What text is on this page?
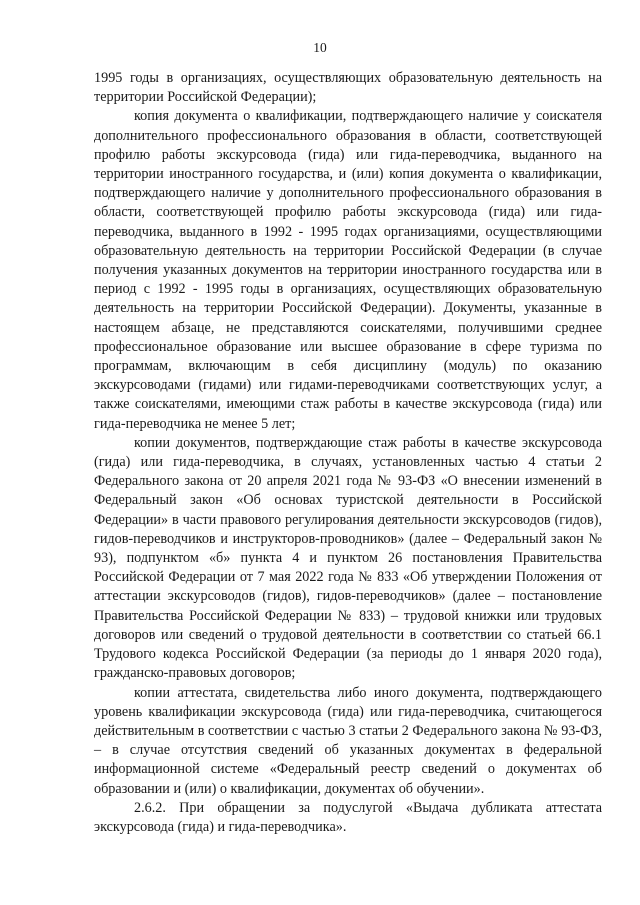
10

1995 годы в организациях, осуществляющих образовательную деятельность на территории Российской Федерации);

копия документа о квалификации, подтверждающего наличие у соискателя дополнительного профессионального образования в области, соответствующей профилю работы экскурсовода (гида) или гида-переводчика, выданного на территории иностранного государства, и (или) копия документа о квалификации, подтверждающего наличие у дополнительного профессионального образования в области, соответствующей профилю работы экскурсовода (гида) или гида-переводчика, выданного в 1992 - 1995 годах организациями, осуществляющими образовательную деятельность на территории Российской Федерации (в случае получения указанных документов на территории иностранного государства или в период с 1992 - 1995 годы в организациях, осуществляющих образовательную деятельность на территории Российской Федерации). Документы, указанные в настоящем абзаце, не представляются соискателями, получившими среднее профессиональное образование или высшее образование в сфере туризма по программам, включающим в себя дисциплину (модуль) по оказанию экскурсоводами (гидами) или гидами-переводчиками соответствующих услуг, а также соискателями, имеющими стаж работы в качестве экскурсовода (гида) или гида-переводчика не менее 5 лет;

копии документов, подтверждающие стаж работы в качестве экскурсовода (гида) или гида-переводчика, в случаях, установленных частью 4 статьи 2 Федерального закона от 20 апреля 2021 года № 93-ФЗ «О внесении изменений в Федеральный закон «Об основах туристской деятельности в Российской Федерации» в части правового регулирования деятельности экскурсоводов (гидов), гидов-переводчиков и инструкторов-проводников» (далее – Федеральный закон № 93), подпунктом «б» пункта 4 и пунктом 26 постановления Правительства Российской Федерации от 7 мая 2022 года № 833 «Об утверждении Положения от аттестации экскурсоводов (гидов), гидов-переводчиков» (далее – постановление Правительства Российской Федерации № 833) – трудовой книжки или трудовых договоров или сведений о трудовой деятельности в соответствии со статьей 66.1 Трудового кодекса Российской Федерации (за периоды до 1 января 2020 года), гражданско-правовых договоров;

копии аттестата, свидетельства либо иного документа, подтверждающего уровень квалификации экскурсовода (гида) или гида-переводчика, считающегося действительным в соответствии с частью 3 статьи 2 Федерального закона № 93-ФЗ, – в случае отсутствия сведений об указанных документах в федеральной информационной системе «Федеральный реестр сведений о документах об образовании и (или) о квалификации, документах об обучении».

2.6.2. При обращении за подуслугой «Выдача дубликата аттестата экскурсовода (гида) и гида-переводчика».
